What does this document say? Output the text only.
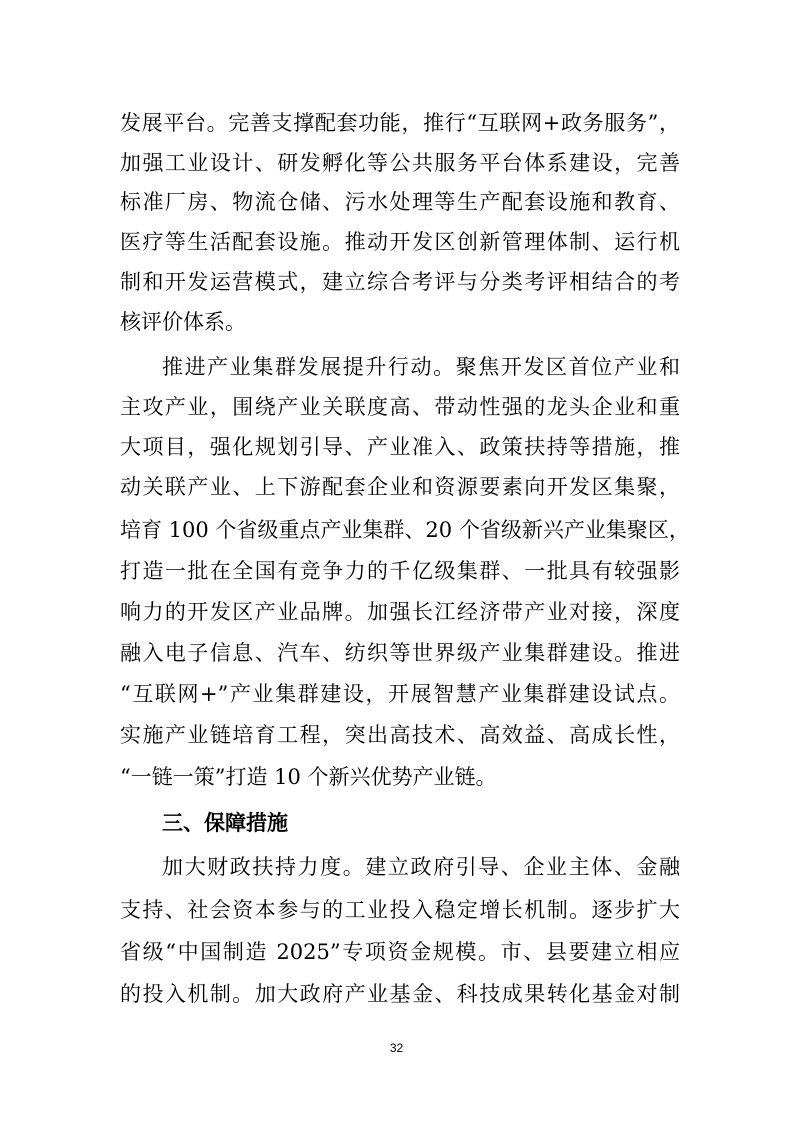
发展平台。完善支撑配套功能，推行“互联网+政务服务”，
加强工业设计、研发孵化等公共服务平台体系建设，完善
标准厂房、物流仓储、污水处理等生产配套设施和教育、
医疗等生活配套设施。推动开发区创新管理体制、运行机
制和开发运营模式，建立综合考评与分类考评相结合的考
核评价体系。
推进产业集群发展提升行动。聚焦开发区首位产业和
主攻产业，围绕产业关联度高、带动性强的龙头企业和重
大项目，强化规划引导、产业准入、政策扶持等措施，推
动关联产业、上下游配套企业和资源要素向开发区集聚，
培育 100 个省级重点产业集群、20 个省级新兴产业集聚区，
打造一批在全国有竞争力的千亿级集群、一批具有较强影
响力的开发区产业品牌。加强长江经济带产业对接，深度
融入电子信息、汽车、纺织等世界级产业集群建设。推进
“互联网+”产业集群建设，开展智慧产业集群建设试点。
实施产业链培育工程，突出高技术、高效益、高成长性，
“一链一策”打造 10 个新兴优势产业链。
三、保障措施
加大财政扶持力度。建立政府引导、企业主体、金融
支持、社会资本参与的工业投入稳定增长机制。逐步扩大
省级“中国制造 2025”专项资金规模。市、县要建立相应
的投入机制。加大政府产业基金、科技成果转化基金对制
32
